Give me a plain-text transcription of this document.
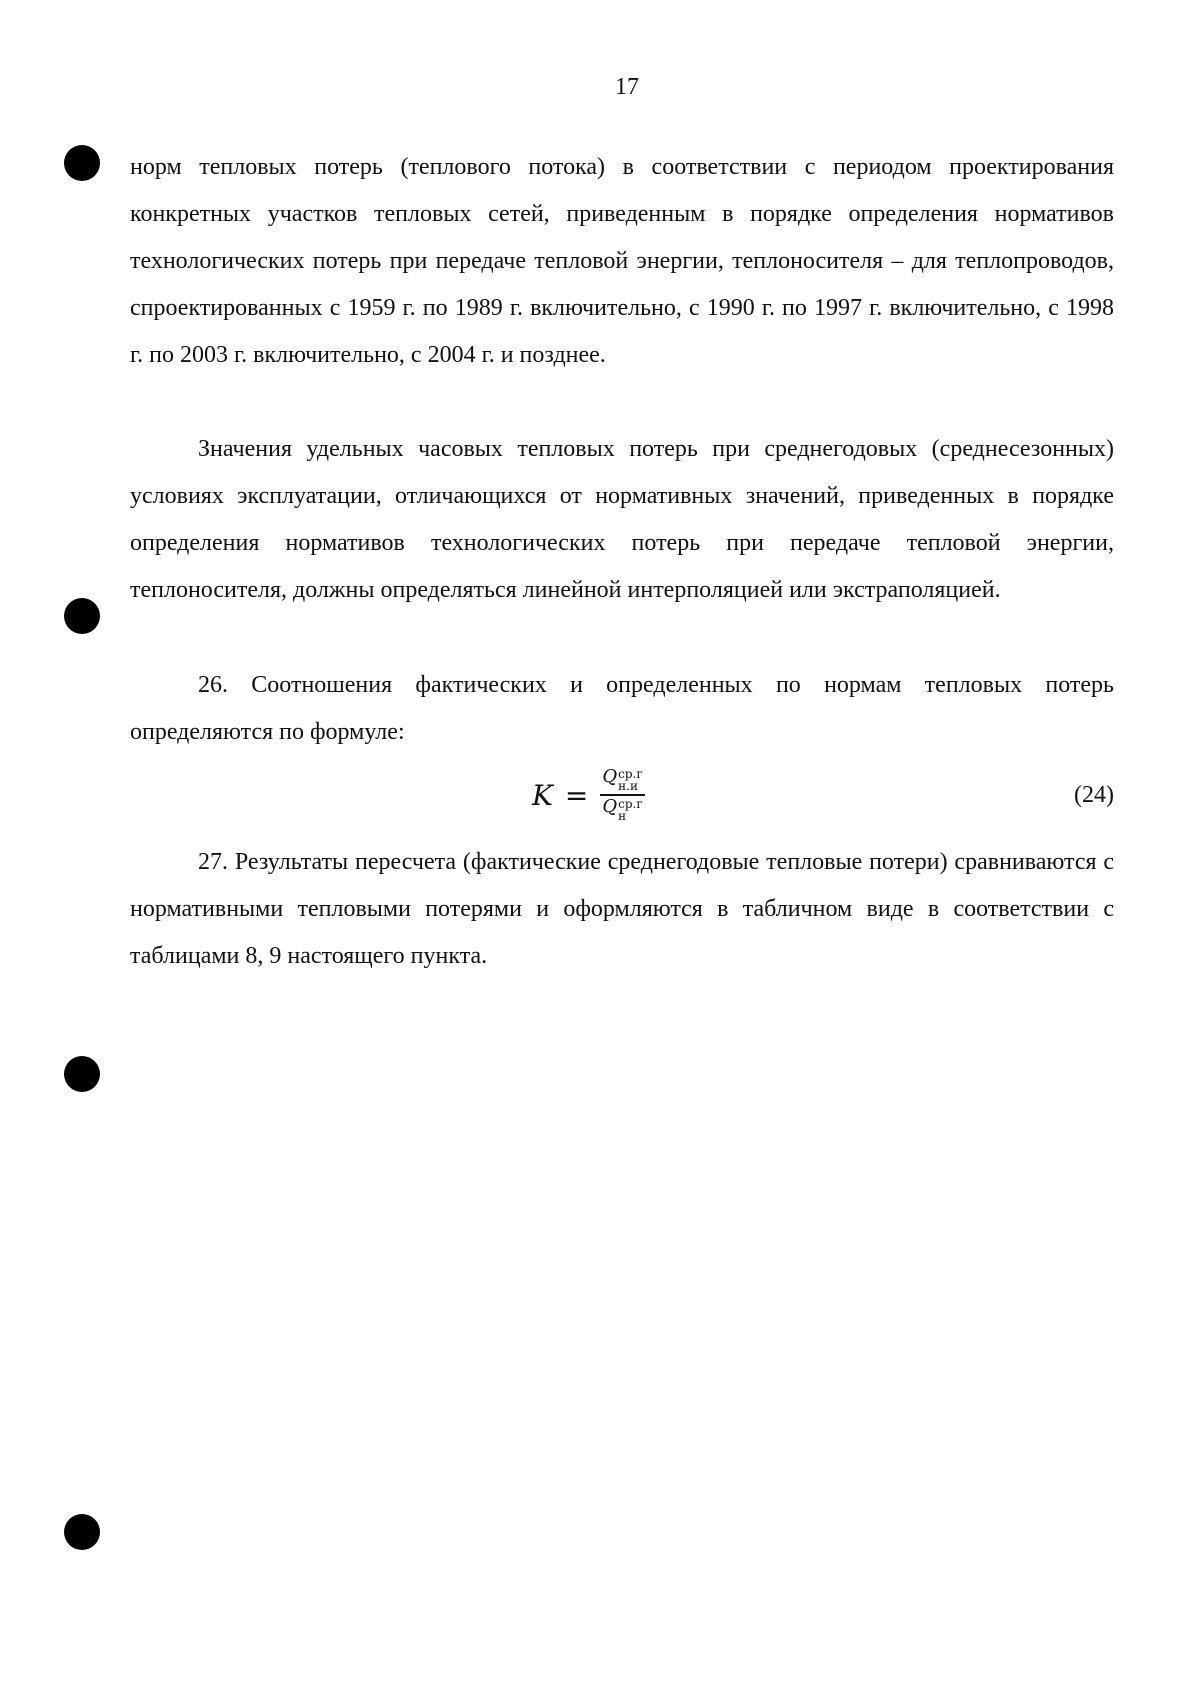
17

норм тепловых потерь (теплового потока) в соответствии с периодом проектирования конкретных участков тепловых сетей, приведенным в порядке определения нормативов технологических потерь при передаче тепловой энергии, теплоносителя – для теплопроводов, спроектированных с 1959 г. по 1989 г. включительно, с 1990 г. по 1997 г. включительно, с 1998 г. по 2003 г. включительно, с 2004 г. и позднее.

Значения удельных часовых тепловых потерь при среднегодовых (среднесезонных) условиях эксплуатации, отличающихся от нормативных значений, приведенных в порядке определения нормативов технологических потерь при передаче тепловой энергии, теплоносителя, должны определяться линейной интерполяцией или экстраполяцией.

26. Соотношения фактических и определенных по нормам тепловых потерь определяются по формуле:

K = Q ср.г
н.и
Q ср.г
н	(24)

27. Результаты пересчета (фактические среднегодовые тепловые потери) сравниваются с нормативными тепловыми потерями и оформляются в табличном виде в соответствии с таблицами 8, 9 настоящего пункта.
